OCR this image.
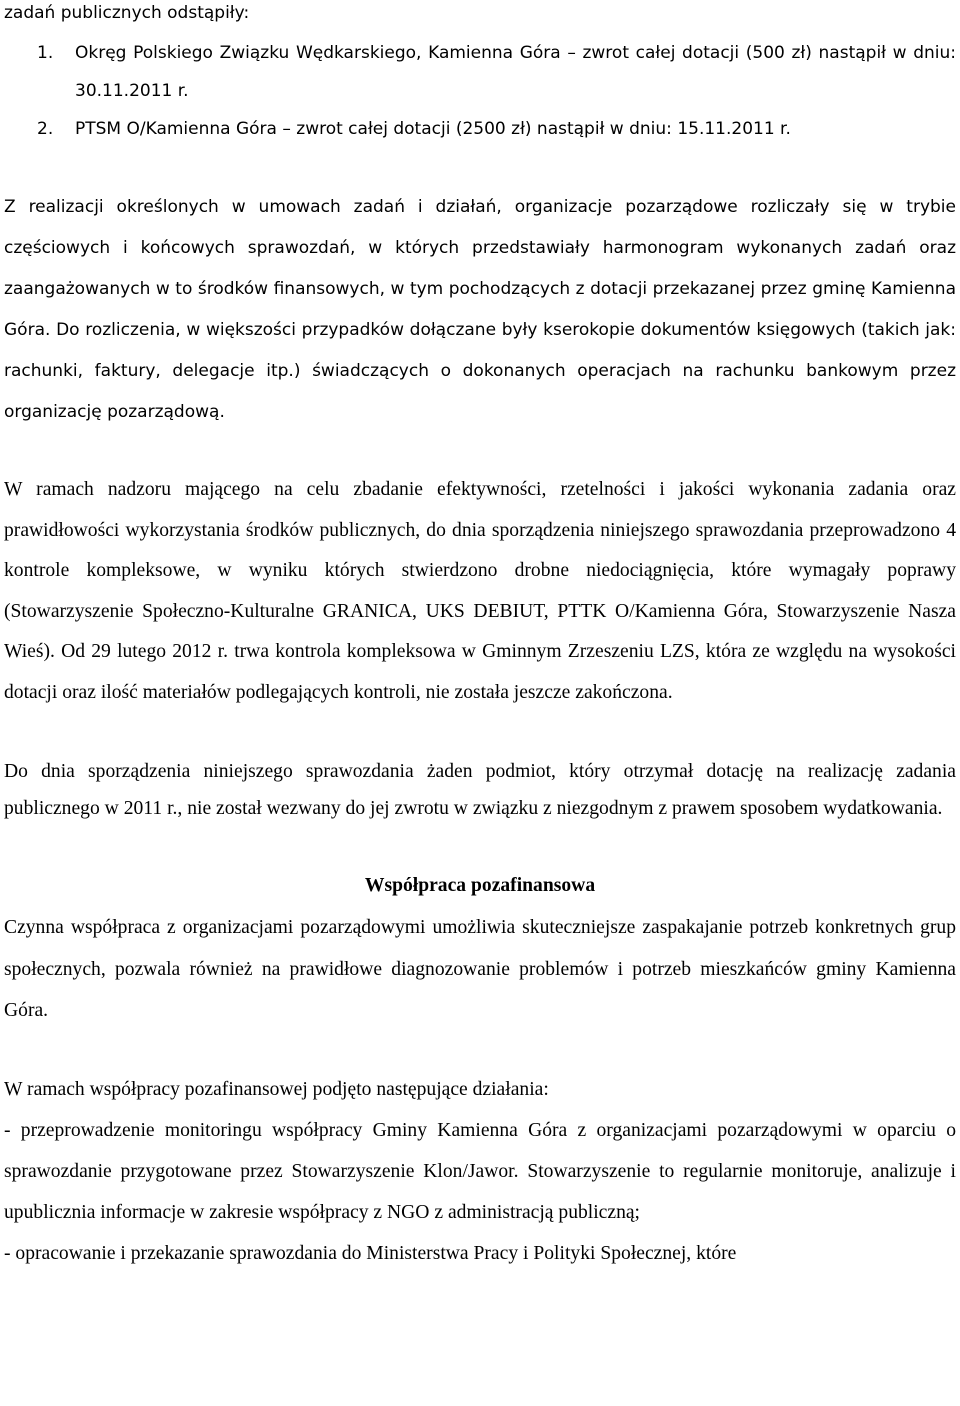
zadań publicznych odstąpiły:

1. Okręg Polskiego Związku Wędkarskiego, Kamienna Góra – zwrot całej dotacji (500 zł) nastąpił w dniu: 30.11.2011 r.
2. PTSM O/Kamienna Góra – zwrot całej dotacji (2500 zł) nastąpił w dniu: 15.11.2011 r.

Z realizacji określonych w umowach zadań i działań, organizacje pozarządowe rozliczały się w trybie częściowych i końcowych sprawozdań, w których przedstawiały harmonogram wykonanych zadań oraz zaangażowanych w to środków finansowych, w tym pochodzących z dotacji przekazanej przez gminę Kamienna Góra. Do rozliczenia, w większości przypadków dołączane były kserokopie dokumentów księgowych (takich jak: rachunki, faktury, delegacje itp.) świadczących o dokonanych operacjach na rachunku bankowym przez organizację pozarządową.

W ramach nadzoru mającego na celu zbadanie efektywności, rzetelności i jakości wykonania zadania oraz prawidłowości wykorzystania środków publicznych, do dnia sporządzenia niniejszego sprawozdania przeprowadzono 4 kontrole kompleksowe, w wyniku których stwierdzono drobne niedociągnięcia, które wymagały poprawy (Stowarzyszenie Społeczno-Kulturalne GRANICA, UKS DEBIUT, PTTK O/Kamienna Góra, Stowarzyszenie Nasza Wieś). Od 29 lutego 2012 r. trwa kontrola kompleksowa w Gminnym Zrzeszeniu LZS, która ze względu na wysokości dotacji oraz ilość materiałów podlegających kontroli, nie została jeszcze zakończona.

Do dnia sporządzenia niniejszego sprawozdania żaden podmiot, który otrzymał dotację na realizację zadania publicznego w 2011 r., nie został wezwany do jej zwrotu w związku z niezgodnym z prawem sposobem wydatkowania.

Współpraca pozafinansowa

Czynna współpraca z organizacjami pozarządowymi umożliwia skuteczniejsze zaspakajanie potrzeb konkretnych grup społecznych, pozwala również na prawidłowe diagnozowanie problemów i potrzeb mieszkańców gminy Kamienna Góra.

W ramach współpracy pozafinansowej podjęto następujące działania:

- przeprowadzenie monitoringu współpracy Gminy Kamienna Góra z organizacjami pozarządowymi w oparciu o sprawozdanie przygotowane przez Stowarzyszenie Klon/Jawor. Stowarzyszenie to regularnie monitoruje, analizuje i upublicznia informacje w zakresie współpracy z NGO z administracją publiczną;

- opracowanie i przekazanie sprawozdania do Ministerstwa Pracy i Polityki Społecznej, które
